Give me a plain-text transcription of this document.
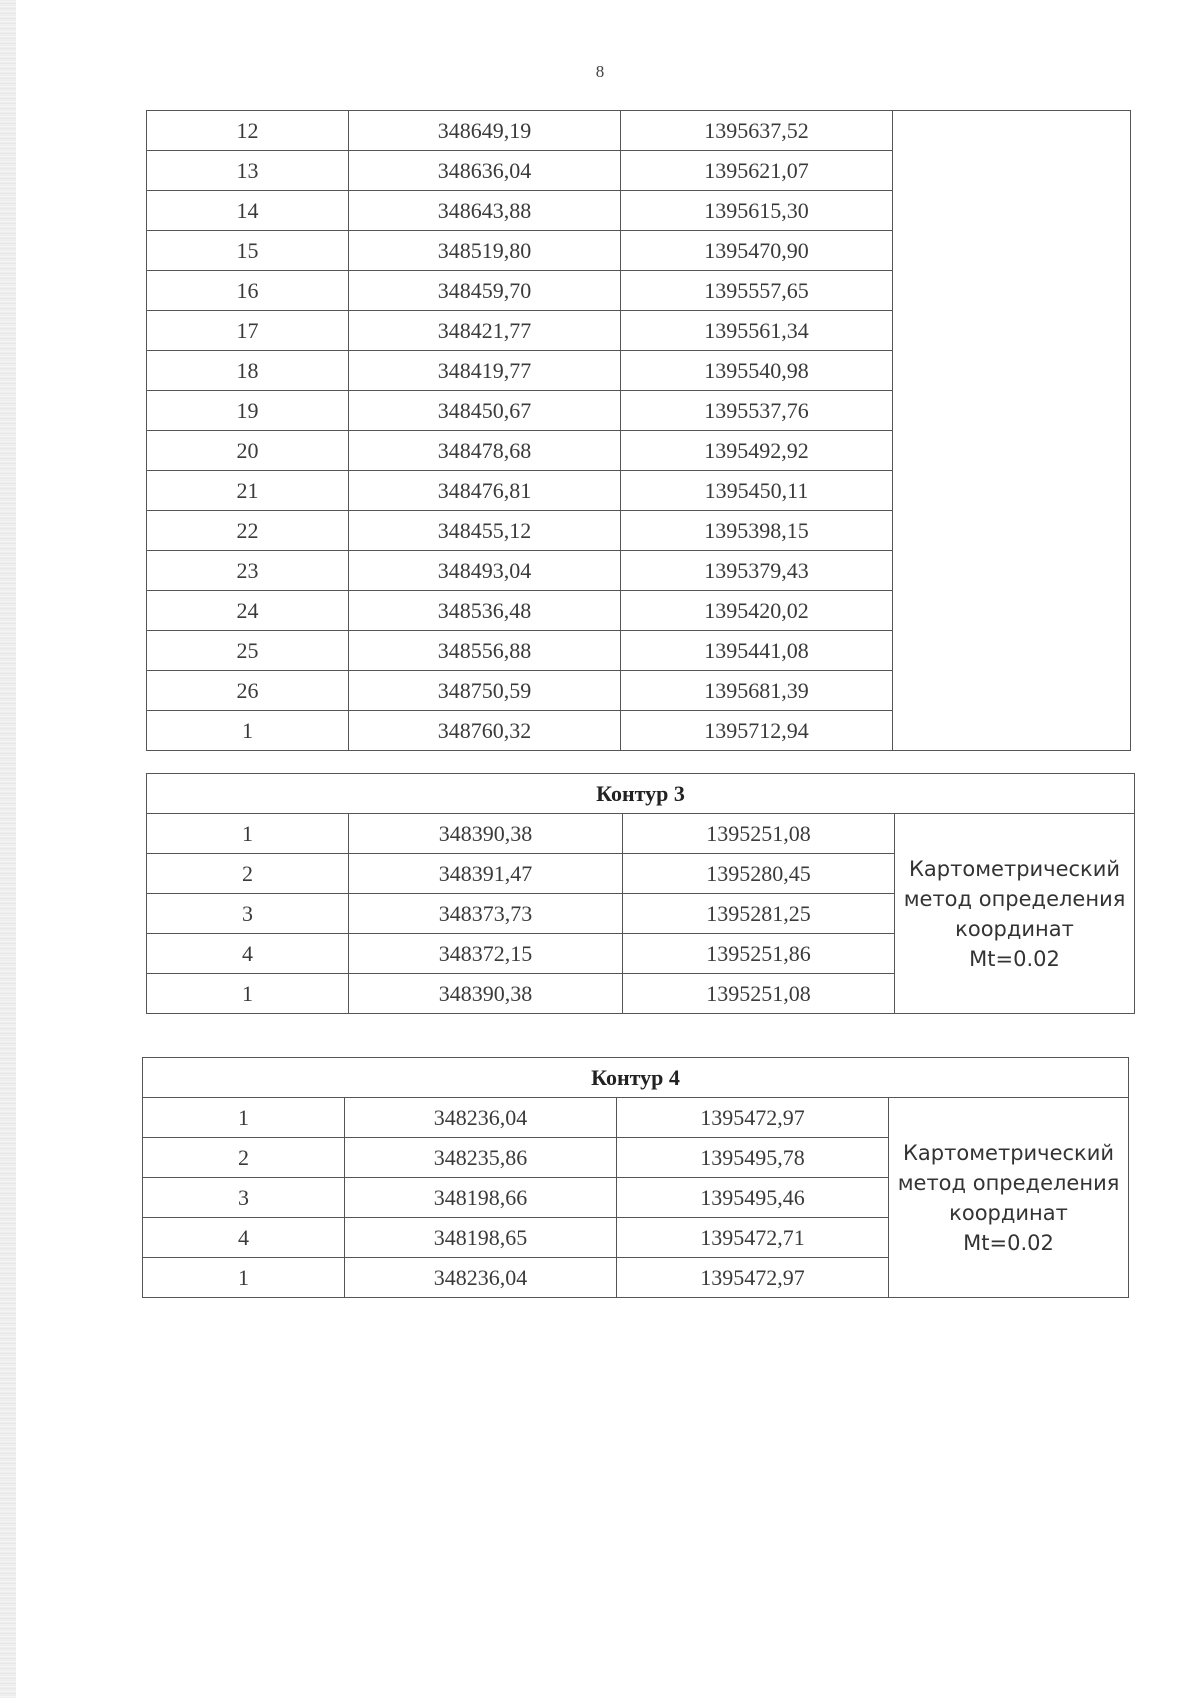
8
12	348649,19	1395637,52	
13	348636,04	1395621,07	
14	348643,88	1395615,30	
15	348519,80	1395470,90	
16	348459,70	1395557,65	
17	348421,77	1395561,34	
18	348419,77	1395540,98	
19	348450,67	1395537,76	
20	348478,68	1395492,92	
21	348476,81	1395450,11	
22	348455,12	1395398,15	
23	348493,04	1395379,43	
24	348536,48	1395420,02	
25	348556,88	1395441,08	
26	348750,59	1395681,39	
1	348760,32	1395712,94	
Контур 3			
1	348390,38	1395251,08	Картометрический
метод определения
координат
Mt=0.02

2	348391,47	1395280,45	
3	348373,73	1395281,25	
4	348372,15	1395251,86	
1	348390,38	1395251,08	
Контур 4			
1	348236,04	1395472,97	Картометрический
метод определения
координат
Mt=0.02

2	348235,86	1395495,78	
3	348198,66	1395495,46	
4	348198,65	1395472,71	
1	348236,04	1395472,97	
